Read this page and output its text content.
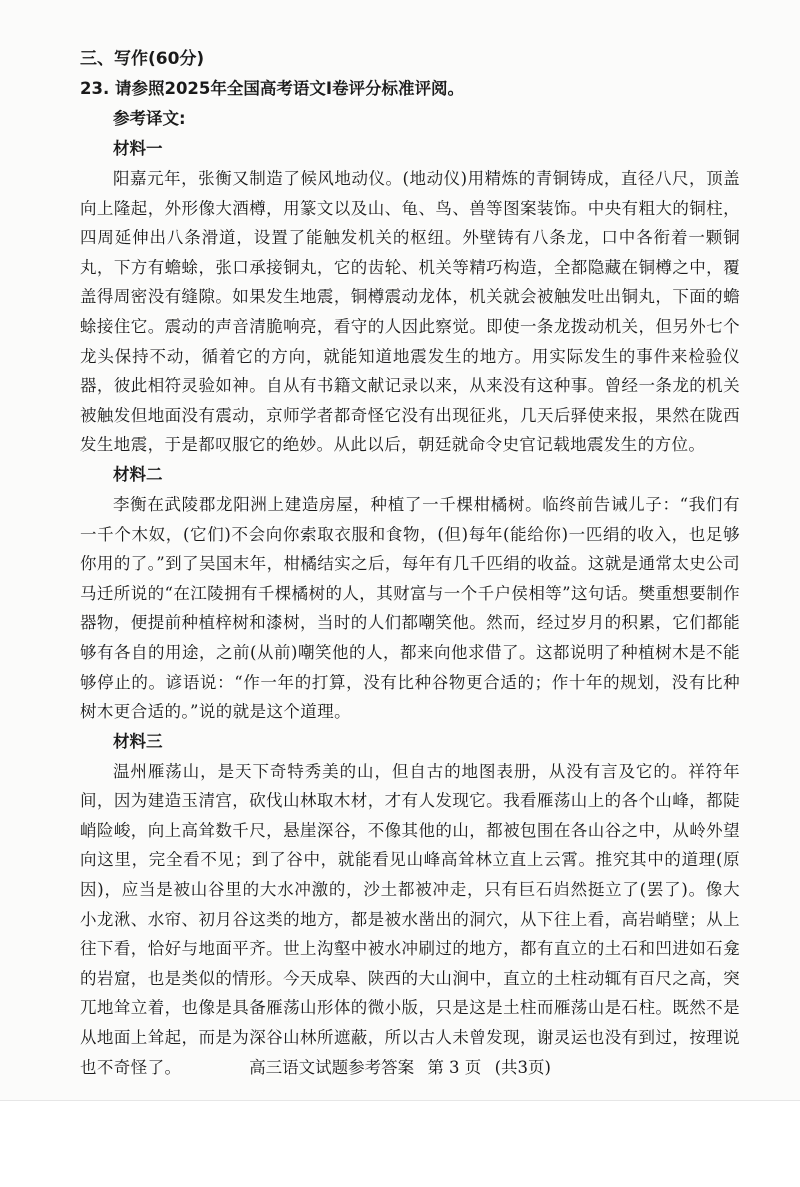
三、写作(60分)

23. 请参照2025年全国高考语文Ⅰ卷评分标准评阅。

参考译文:

材料一

阳嘉元年，张衡又制造了候风地动仪。(地动仪)用精炼的青铜铸成，直径八尺，顶盖向上隆起，外形像大酒樽，用篆文以及山、龟、鸟、兽等图案装饰。中央有粗大的铜柱，四周延伸出八条滑道，设置了能触发机关的枢纽。外壁铸有八条龙，口中各衔着一颗铜丸，下方有蟾蜍，张口承接铜丸，它的齿轮、机关等精巧构造，全都隐藏在铜樽之中，覆盖得周密没有缝隙。如果发生地震，铜樽震动龙体，机关就会被触发吐出铜丸，下面的蟾蜍接住它。震动的声音清脆响亮，看守的人因此察觉。即使一条龙拨动机关，但另外七个龙头保持不动，循着它的方向，就能知道地震发生的地方。用实际发生的事件来检验仪器，彼此相符灵验如神。自从有书籍文献记录以来，从来没有这种事。曾经一条龙的机关被触发但地面没有震动，京师学者都奇怪它没有出现征兆，几天后驿使来报，果然在陇西发生地震，于是都叹服它的绝妙。从此以后，朝廷就命令史官记载地震发生的方位。

材料二

李衡在武陵郡龙阳洲上建造房屋，种植了一千棵柑橘树。临终前告诫儿子：“我们有一千个木奴，(它们)不会向你索取衣服和食物，(但)每年(能给你)一匹绢的收入，也足够你用的了。”到了吴国末年，柑橘结实之后，每年有几千匹绢的收益。这就是通常太史公司马迁所说的“在江陵拥有千棵橘树的人，其财富与一个千户侯相等”这句话。樊重想要制作器物，便提前种植梓树和漆树，当时的人们都嘲笑他。然而，经过岁月的积累，它们都能够有各自的用途，之前(从前)嘲笑他的人，都来向他求借了。这都说明了种植树木是不能够停止的。谚语说：“作一年的打算，没有比种谷物更合适的；作十年的规划，没有比种树木更合适的。”说的就是这个道理。

材料三

温州雁荡山，是天下奇特秀美的山，但自古的地图表册，从没有言及它的。祥符年间，因为建造玉清宫，砍伐山林取木材，才有人发现它。我看雁荡山上的各个山峰，都陡峭险峻，向上高耸数千尺，悬崖深谷，不像其他的山，都被包围在各山谷之中，从岭外望向这里，完全看不见；到了谷中，就能看见山峰高耸林立直上云霄。推究其中的道理(原因)，应当是被山谷里的大水冲激的，沙土都被冲走，只有巨石岿然挺立了(罢了)。像大小龙湫、水帘、初月谷这类的地方，都是被水凿出的洞穴，从下往上看，高岩峭壁；从上往下看，恰好与地面平齐。世上沟壑中被水冲刷过的地方，都有直立的土石和凹进如石龛的岩窟，也是类似的情形。今天成皋、陕西的大山涧中，直立的土柱动辄有百尺之高，突兀地耸立着，也像是具备雁荡山形体的微小版，只是这是土柱而雁荡山是石柱。既然不是从地面上耸起，而是为深谷山林所遮蔽，所以古人未曾发现，谢灵运也没有到过，按理说也不奇怪了。	高三语文试题参考答案 第 3 页 (共3页)
